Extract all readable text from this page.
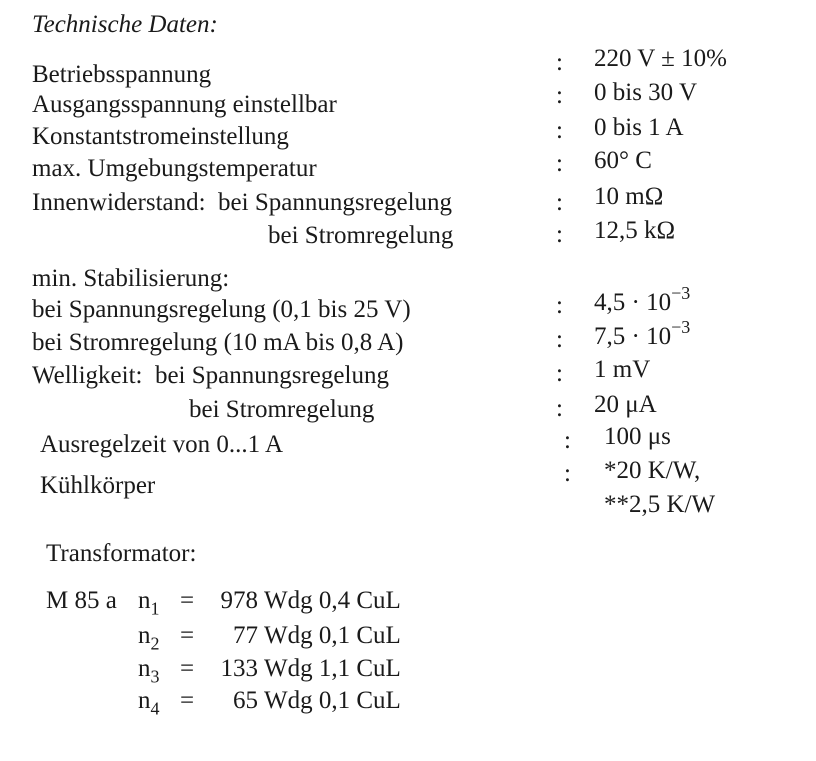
Technische Daten:
Betriebsspannung	: 220 V ± 10%
Ausgangsspannung einstellbar	: 0 bis 30 V
Konstantstromeinstellung	: 0 bis 1 A
max. Umgebungstemperatur	: 60° C
Innenwiderstand:  bei Spannungsregelung	: 10 mΩ
bei Stromregelung	: 12,5 kΩ
min. Stabilisierung:
bei Spannungsregelung (0,1 bis 25 V)	: $4,5 \cdot 10^{-3}$
bei Stromregelung (10 mA bis 0,8 A)	: $7,5 \cdot 10^{-3}$
Welligkeit:  bei Spannungsregelung	: 1 mV
bei Stromregelung	: 20 μA
Ausregelzeit von 0...1 A	: 100 μs
Kühlkörper	: *20 K/W,
**2,5 K/W
Transformator:
M 85 a $n_1$ =	978 Wdg 0,4 CuL
$n_2$ =	77 Wdg 0,1 CuL
$n_3$ =	133 Wdg 1,1 CuL
$n_4$ =	65 Wdg 0,1 CuL
